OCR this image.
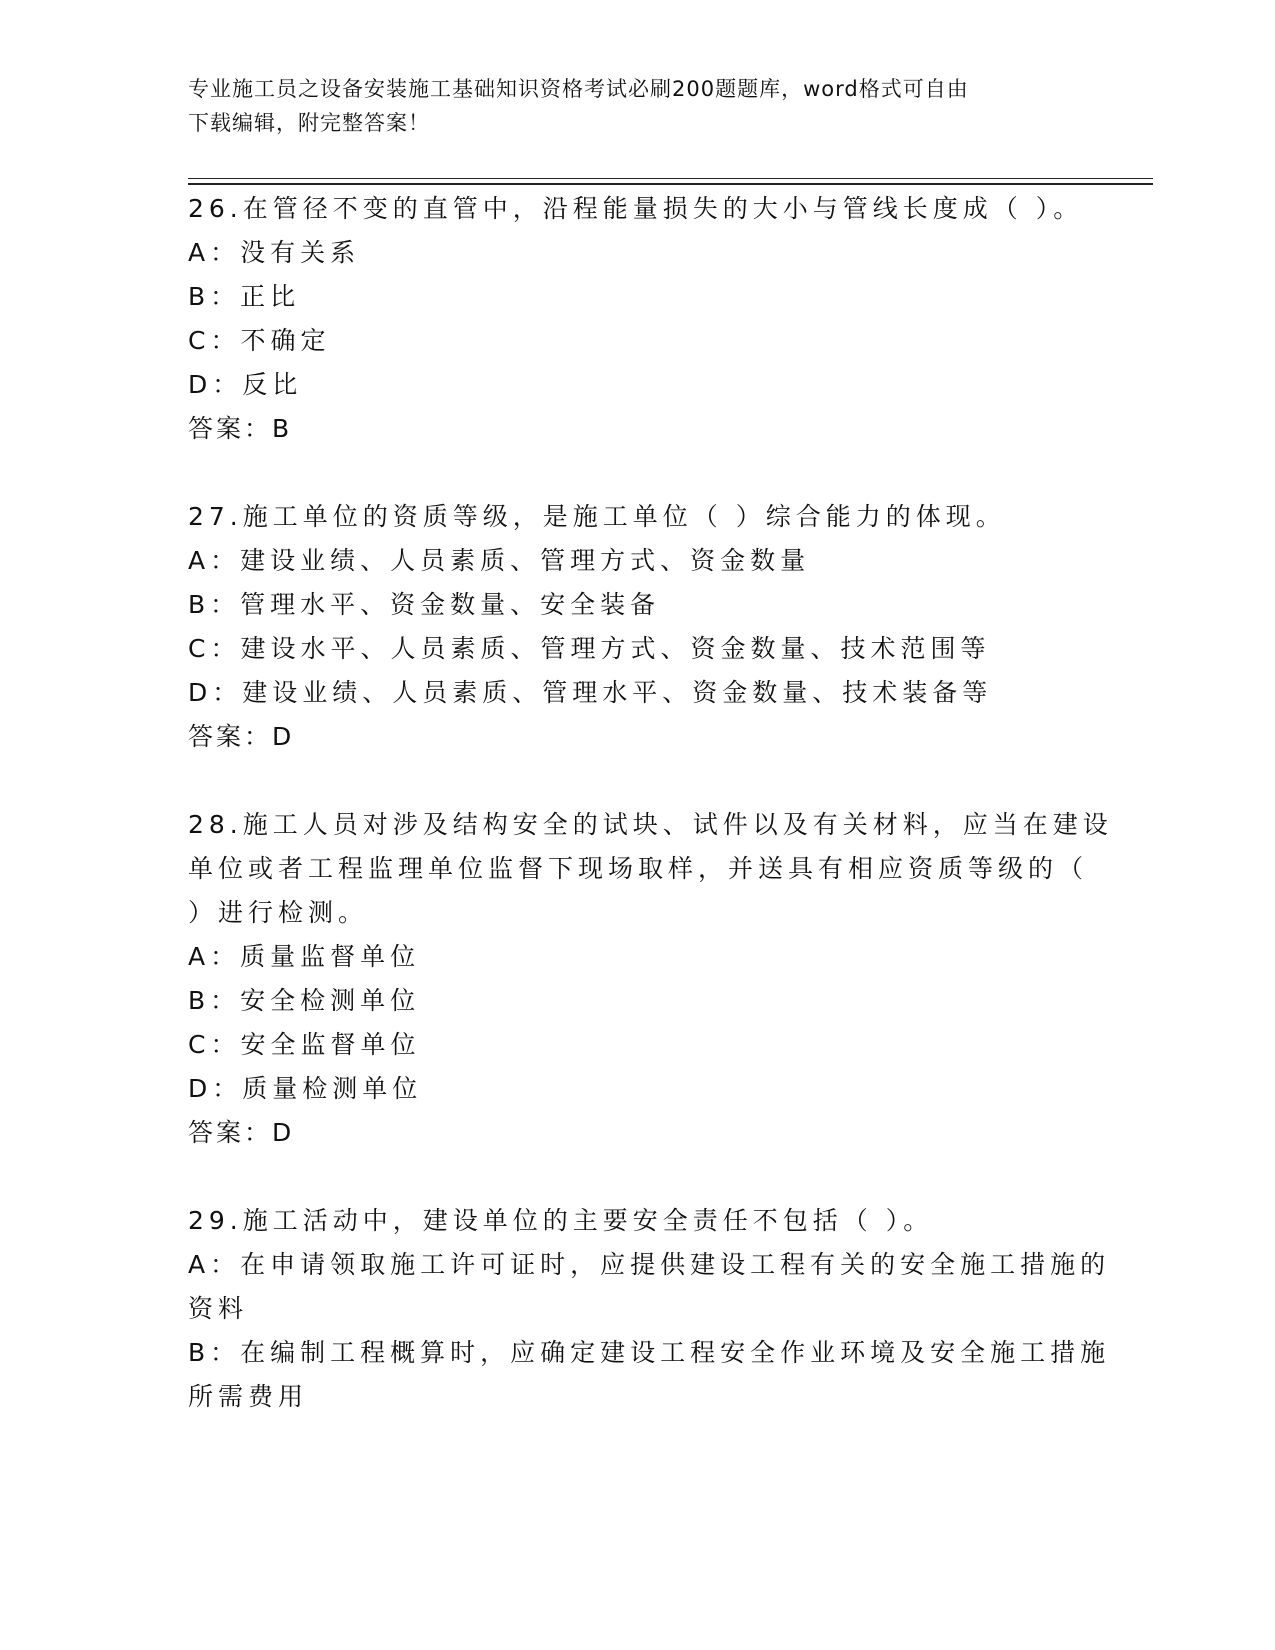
专业施工员之设备安装施工基础知识资格考试必刷200题题库，word格式可自由
下载编辑，附完整答案！
26.在管径不变的直管中，沿程能量损失的大小与管线长度成（ ）。
A：没有关系
B：正比
C：不确定
D：反比
答案：B
27.施工单位的资质等级，是施工单位（ ）综合能力的体现。
A：建设业绩、人员素质、管理方式、资金数量
B：管理水平、资金数量、安全装备
C：建设水平、人员素质、管理方式、资金数量、技术范围等
D：建设业绩、人员素质、管理水平、资金数量、技术装备等
答案：D
28.施工人员对涉及结构安全的试块、试件以及有关材料，应当在建设
单位或者工程监理单位监督下现场取样，并送具有相应资质等级的（
）进行检测。
A：质量监督单位
B：安全检测单位
C：安全监督单位
D：质量检测单位
答案：D
29.施工活动中，建设单位的主要安全责任不包括（ ）。
A：在申请领取施工许可证时，应提供建设工程有关的安全施工措施的
资料
B：在编制工程概算时，应确定建设工程安全作业环境及安全施工措施
所需费用
